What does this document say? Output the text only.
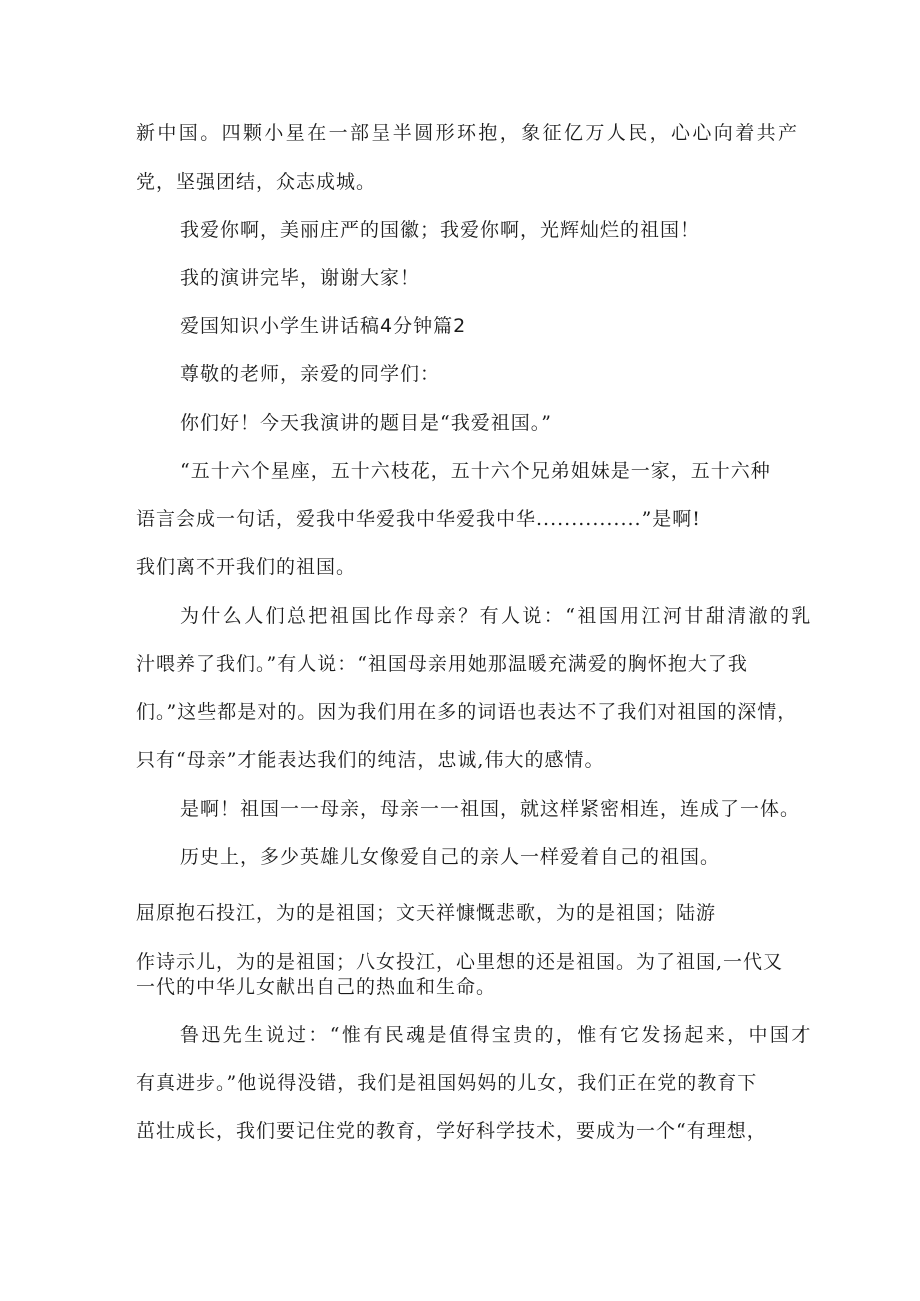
新中国。四颗小星在一部呈半圆形环抱，象征亿万人民，心心向着共产
党，坚强团结，众志成城。
我爱你啊，美丽庄严的国徽；我爱你啊，光辉灿烂的祖国！
我的演讲完毕，谢谢大家！
爱国知识小学生讲话稿4分钟篇2
尊敬的老师，亲爱的同学们：
你们好！今天我演讲的题目是“我爱祖国。”
“五十六个星座，五十六枝花，五十六个兄弟姐妹是一家，五十六种
语言会成一句话，爱我中华爱我中华爱我中华...............”是啊!
我们离不开我们的祖国。
为什么人们总把祖国比作母亲？有人说：“祖国用江河甘甜清澈的乳
汁喂养了我们。”有人说：“祖国母亲用她那温暖充满爱的胸怀抱大了我
们。”这些都是对的。因为我们用在多的词语也表达不了我们对祖国的深情，
只有“母亲”才能表达我们的纯洁，忠诚,伟大的感情。
是啊！祖国一一母亲，母亲一一祖国，就这样紧密相连，连成了一体。
历史上，多少英雄儿女像爱自己的亲人一样爱着自己的祖国。
屈原抱石投江，为的是祖国；文天祥慷慨悲歌，为的是祖国；陆游
作诗示儿，为的是祖国；八女投江，心里想的还是祖国。为了祖国,一代又
一代的中华儿女献出自己的热血和生命。
鲁迅先生说过：“惟有民魂是值得宝贵的，惟有它发扬起来，中国才
有真进步。”他说得没错，我们是祖国妈妈的儿女，我们正在党的教育下
茁壮成长，我们要记住党的教育，学好科学技术，要成为一个“有理想，
